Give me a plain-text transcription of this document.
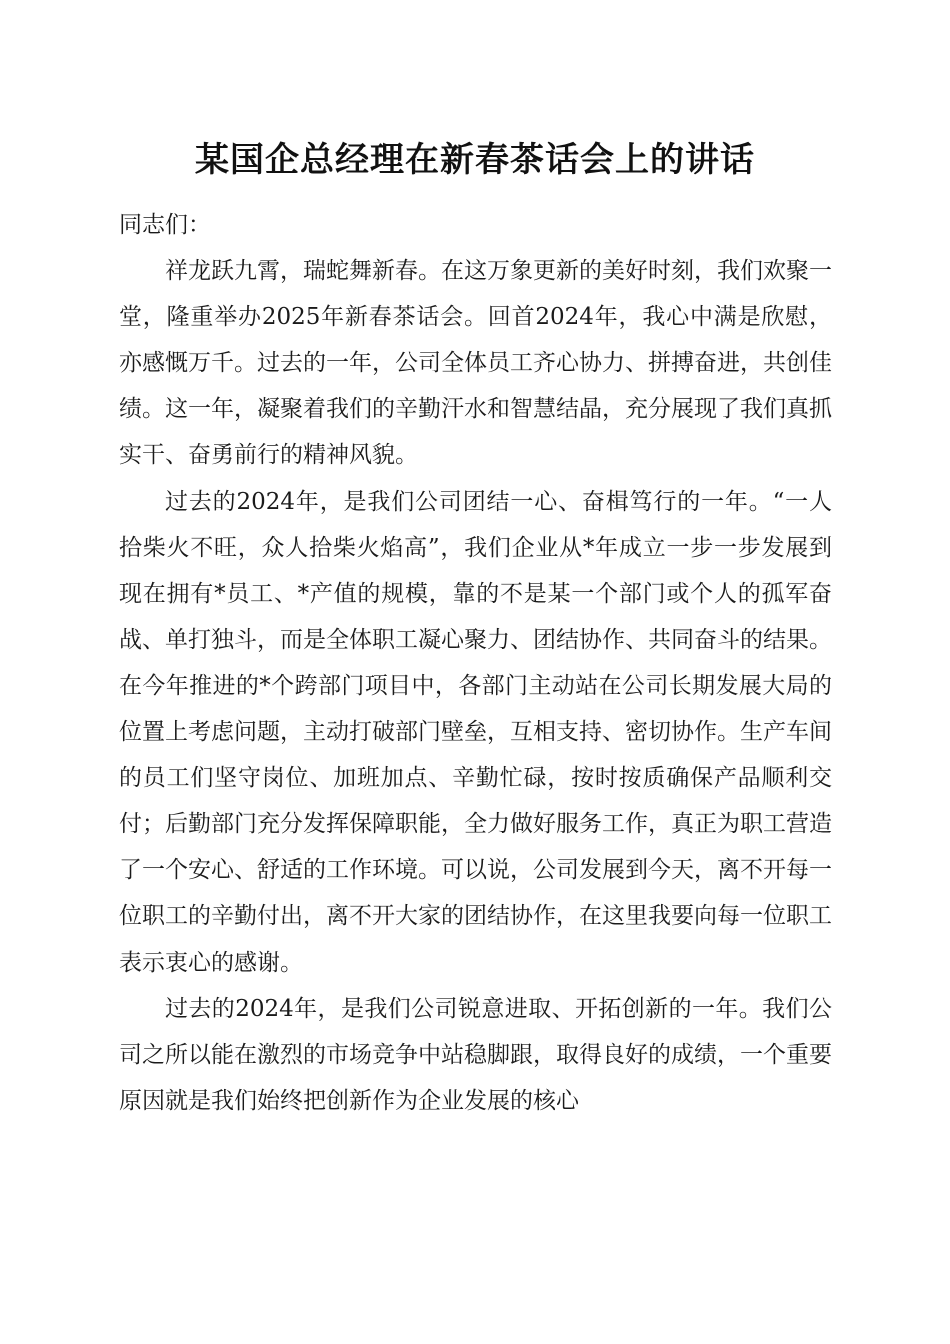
某国企总经理在新春茶话会上的讲话

同志们：

祥龙跃九霄，瑞蛇舞新春。在这万象更新的美好时刻，我们欢聚一堂，隆重举办2025年新春茶话会。回首2024年，我心中满是欣慰，亦感慨万千。过去的一年，公司全体员工齐心协力、拼搏奋进，共创佳绩。这一年，凝聚着我们的辛勤汗水和智慧结晶，充分展现了我们真抓实干、奋勇前行的精神风貌。

过去的2024年，是我们公司团结一心、奋楫笃行的一年。“一人拾柴火不旺，众人拾柴火焰高”，我们企业从*年成立一步一步发展到现在拥有*员工、*产值的规模，靠的不是某一个部门或个人的孤军奋战、单打独斗，而是全体职工凝心聚力、团结协作、共同奋斗的结果。在今年推进的*个跨部门项目中，各部门主动站在公司长期发展大局的位置上考虑问题，主动打破部门壁垒，互相支持、密切协作。生产车间的员工们坚守岗位、加班加点、辛勤忙碌，按时按质确保产品顺利交付；后勤部门充分发挥保障职能，全力做好服务工作，真正为职工营造了一个安心、舒适的工作环境。可以说，公司发展到今天，离不开每一位职工的辛勤付出，离不开大家的团结协作，在这里我要向每一位职工表示衷心的感谢。

过去的2024年，是我们公司锐意进取、开拓创新的一年。我们公司之所以能在激烈的市场竞争中站稳脚跟，取得良好的成绩，一个重要原因就是我们始终把创新作为企业发展的核心
